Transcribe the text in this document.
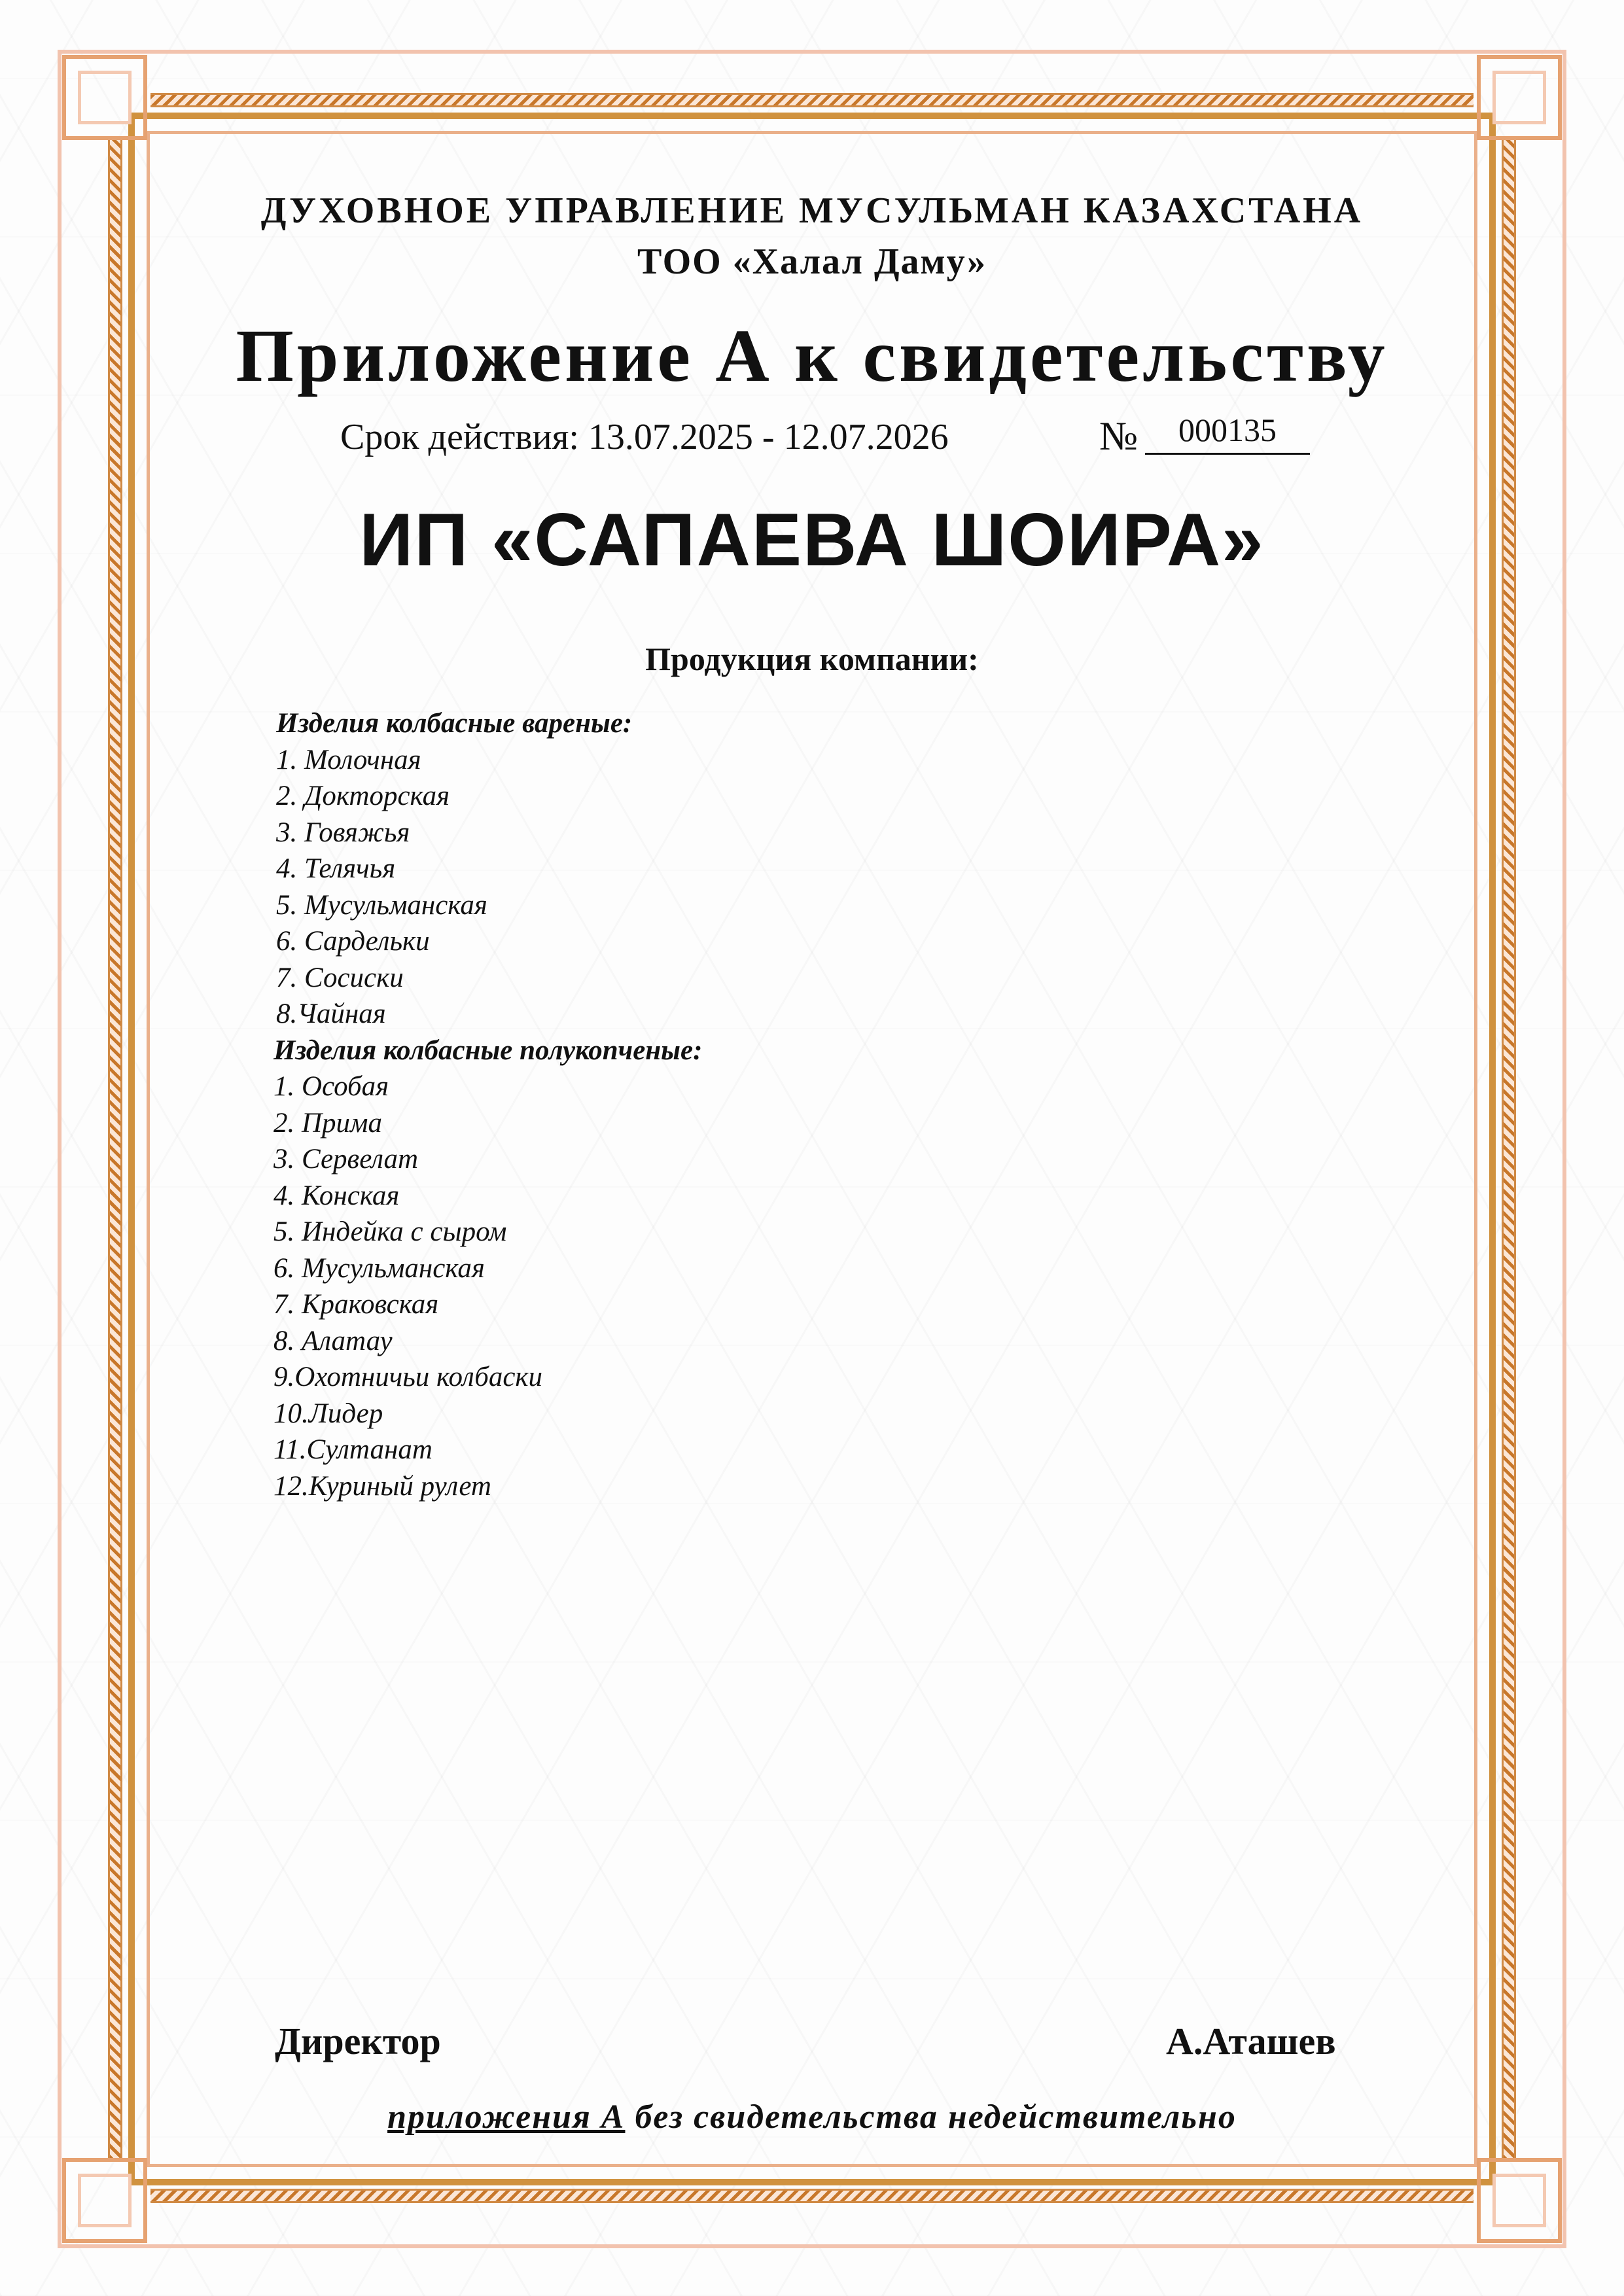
ДУХОВНОЕ УПРАВЛЕНИЕ МУСУЛЬМАН КАЗАХСТАНА
ТОО «Халал Даму»
Приложение А к свидетельству
Срок действия: 13.07.2025 - 12.07.2026	№	000135
ИП «САПАЕВА ШОИРА»
Продукция компании:
Изделия колбасные вареные:
1. Молочная
2. Докторская
3. Говяжья
4. Телячья
5. Мусульманская
6. Сардельки
7. Сосиски
8.Чайная
Изделия колбасные полукопченые:
1. Особая
2. Прима
3. Сервелат
4. Конская
5. Индейка с сыром
6. Мусульманская
7. Краковская
8. Алатау
9.Охотничьи колбаски
10.Лидер
11.Султанат
12.Куриный рулет
Директор	А.Аташев
приложения А без свидетельства недействительно
